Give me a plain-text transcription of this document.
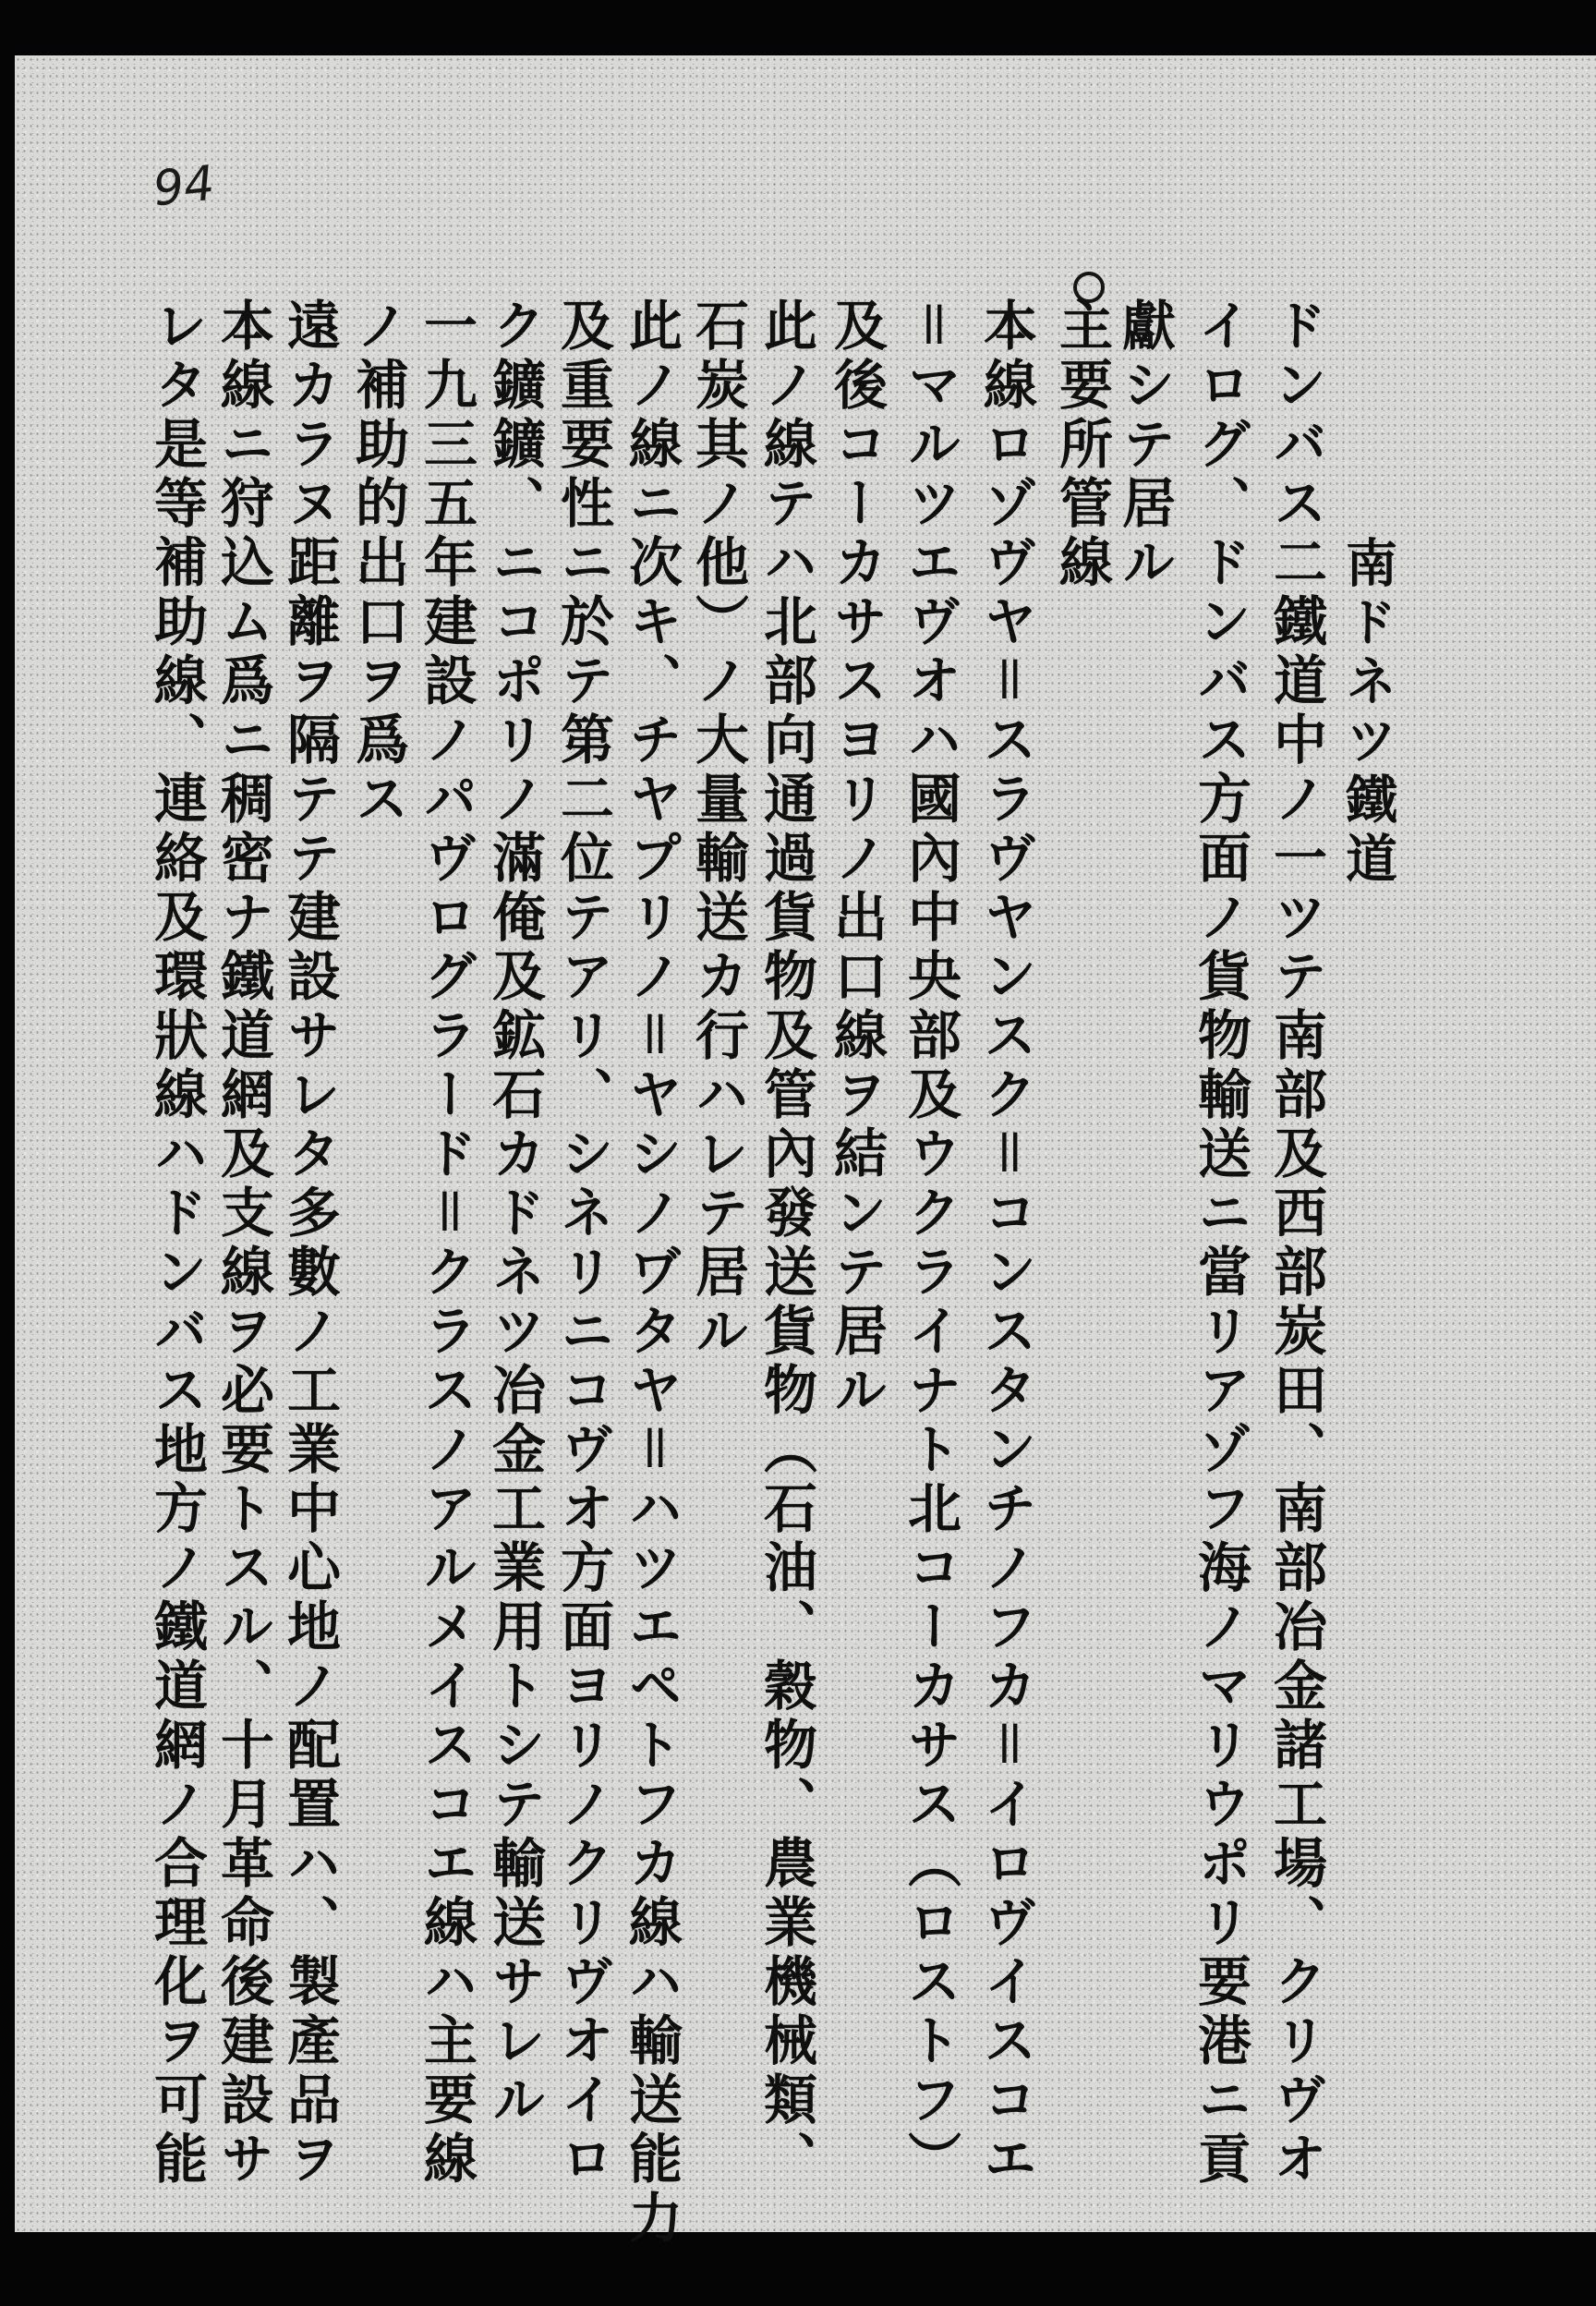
94
南ドネツ鐵道
ドンバス二鐵道中ノ一ツテ南部及西部炭田、南部冶金諸工場、クリヴオ
イログ、ドンバス方面ノ貨物輸送ニ當リアゾフ海ノマリウポリ要港ニ貢
獻シテ居ル
主要所管線
本線ロゾヴヤ＝スラヴヤンスク＝コンスタンチノフカ＝イロヴイスコエ
＝マルツエヴオハ國內中央部及ウクライナト北コーカサス（ロストフ）
及後コーカサスヨリノ出口線ヲ結ンテ居ル
此ノ線テハ北部向通過貨物及管內發送貨物（石油、穀物、農業機械類、
石炭其ノ他）ノ大量輸送カ行ハレテ居ル
此ノ線ニ次キ、チヤプリノ＝ヤシノヷタヤ＝ハツエペトフカ線ハ輸送能力
及重要性ニ於テ第二位テアリ、シネリニコヴオ方面ヨリノクリヴオイロ
ク鑛鑛、ニコポリノ滿俺及鉱石カドネツ冶金工業用トシテ輸送サレル
一九三五年建設ノパヴログラード＝クラスノアルメイスコエ線ハ主要線
ノ補助的出口ヲ爲ス
遠カラヌ距離ヲ隔テテ建設サレタ多數ノ工業中心地ノ配置ハ、製產品ヲ
本線ニ狩込ム爲ニ稠密ナ鐵道網及支線ヲ必要トスル、十月革命後建設サ
レタ是等補助線、連絡及環狀線ハドンバス地方ノ鐵道網ノ合理化ヲ可能
